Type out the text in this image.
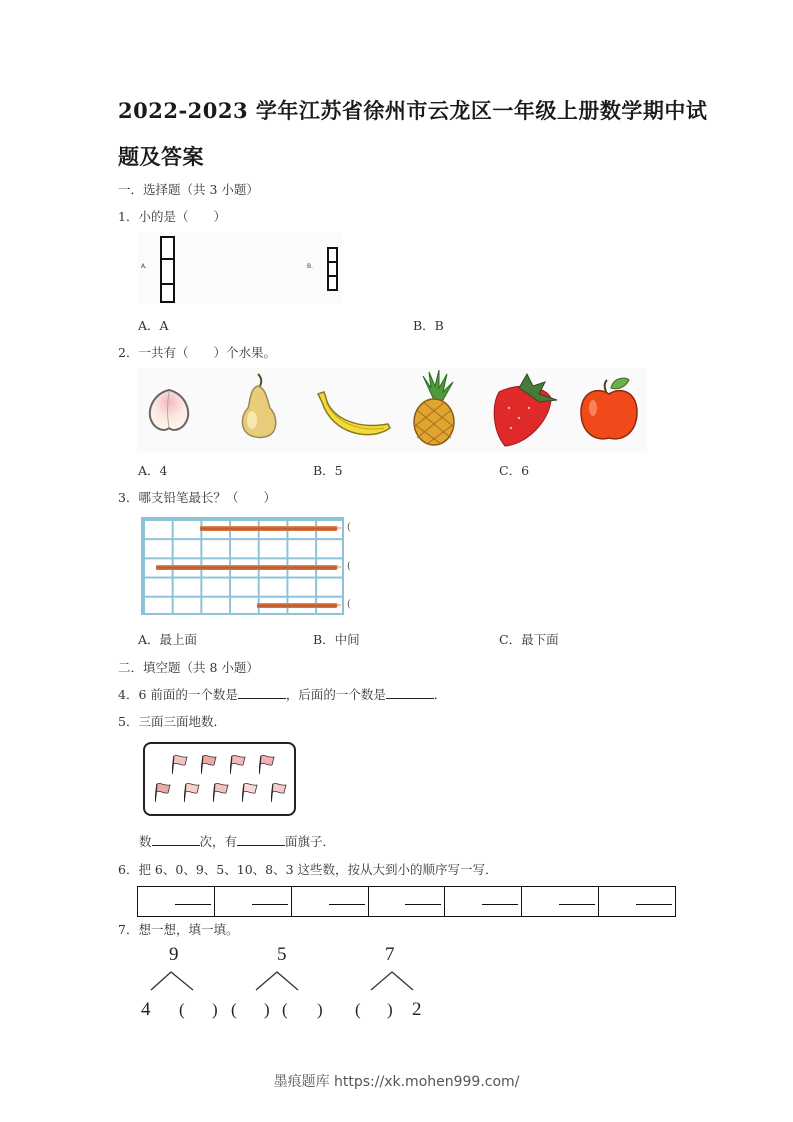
2022-2023 学年江苏省徐州市云龙区一年级上册数学期中试
题及答案
一．选择题（共 3 小题）
1．小的是（　　）
A.	B.
A．A	B．B
2．一共有（　　）个水果。
A．4	B．5	C．6
3．哪支铅笔最长？（　　）
(
(
(
A．最上面	B．中间	C．最下面
二．填空题（共 8 小题）
4．6 前面的一个数是	，后面的一个数是	．
5．三面三面地数．
数	次，有	面旗子．
6．把 6、0、9、5、10、8、3 这些数，按从大到小的顺序写一写．
7．想一想，填一填。
9	5	7
4 ( ) ( ) ( ) ( ) 2
墨痕题库 https://xk.mohen999.com/
